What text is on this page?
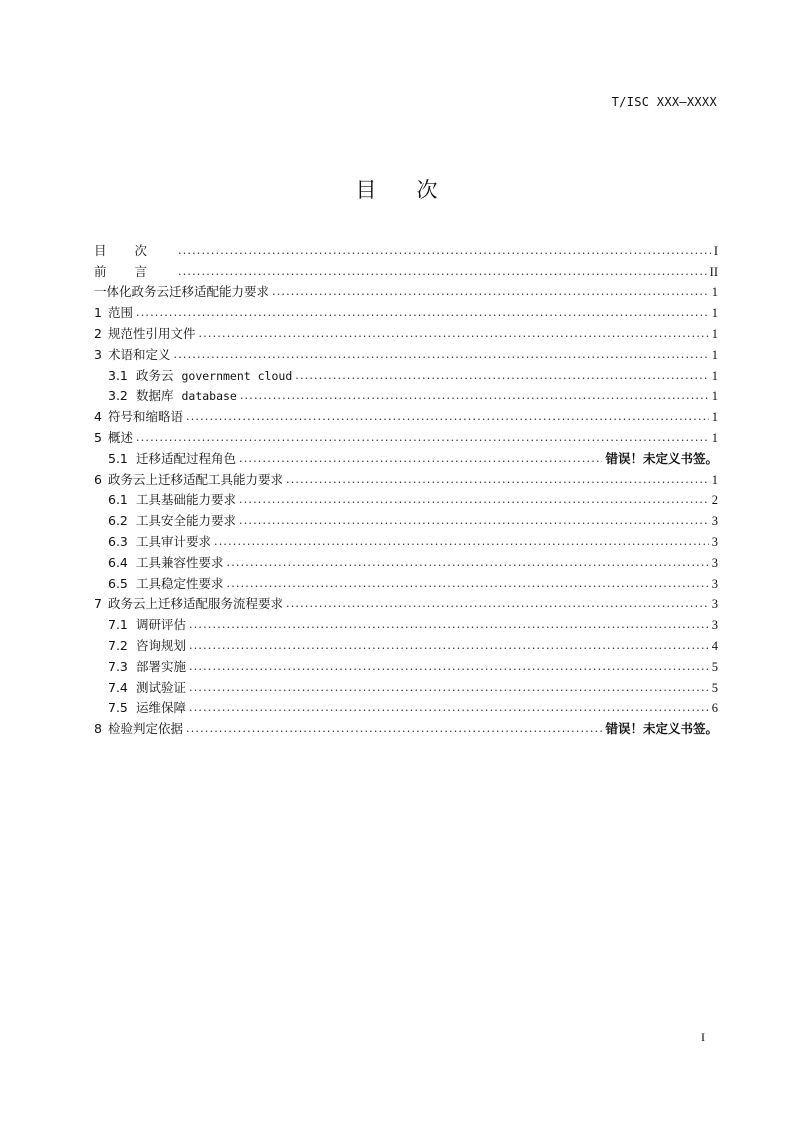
T/ISC XXX—XXXX
目 次
目次 .....	I
前言 .....	II
一体化政务云迁移适配能力要求 .....	1
1 范围 .....	1
2 规范性引用文件 .....	1
3 术语和定义 .....	1
3.1 政务云 government cloud .....	1
3.2 数据库 database .....	1
4 符号和缩略语 .....	1
5 概述 .....	1
5.1 迁移适配过程角色 .....	错误！未定义书签。
6 政务云上迁移适配工具能力要求 .....	1
6.1 工具基础能力要求 .....	2
6.2 工具安全能力要求 .....	3
6.3 工具审计要求 .....	3
6.4 工具兼容性要求 .....	3
6.5 工具稳定性要求 .....	3
7 政务云上迁移适配服务流程要求 .....	3
7.1 调研评估 .....	3
7.2 咨询规划 .....	4
7.3 部署实施 .....	5
7.4 测试验证 .....	5
7.5 运维保障 .....	6
8 检验判定依据 .....	错误！未定义书签。
I
